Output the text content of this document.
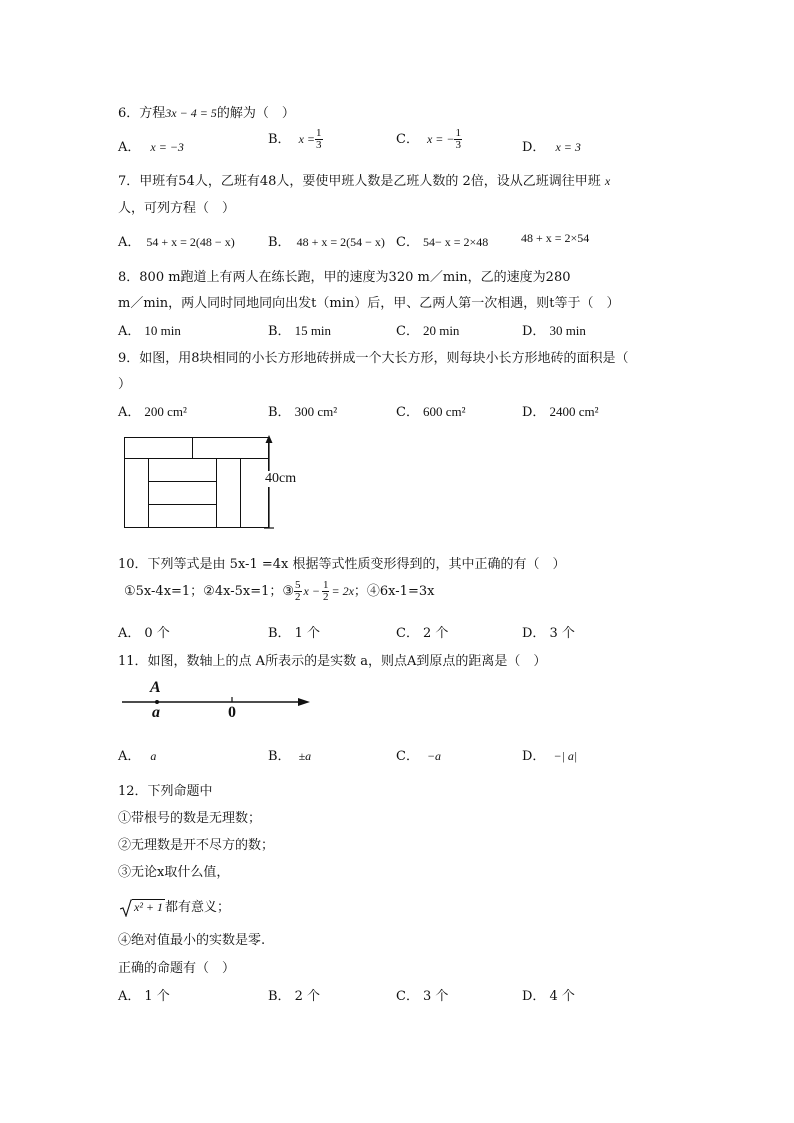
6．方程3x − 4 = 5的解为（　）
A． x = −3	B． $x = \frac{1}{3}$	C． x = − $\frac{1}{3}$	D． x = 3
7．甲班有54人，乙班有48人，要使甲班人数是乙班人数的 2倍，设从乙班调往甲班 x
人，可列方程（　）
A． 54 + x = 2(48 − x)	B． 48 + x = 2(54 − x) C． 54− x = 2×48	48 + x = 2×54
8．800 m跑道上有两人在练长跑，甲的速度为320 m／min，乙的速度为280
m／min，两人同时同地同向出发t（min）后，甲、乙两人第一次相遇，则t等于（　）
A． 10 min	B． 15 min	C． 20 min	D． 30 min
9．如图，用8块相同的小长方形地砖拼成一个大长方形，则每块小长方形地砖的面积是（
）
A． 200 cm²	B． 300 cm²	C． 600 cm²	D． 2400 cm²
40cm
10．下列等式是由 5x-1 =4x 根据等式性质变形得到的，其中正确的有（　）
①5x-4x=1；②4x-5x=1；③ $\frac{5}{2}$ $x - \frac{1}{2} = 2x$；④6x-1=3x
A． 0 个	B． 1 个	C． 2 个	D． 3 个
11．如图，数轴上的点 A所表示的是实数 a，则点A到原点的距离是（　）
A
a	0
A． a	B． ±a	C． −a	D． −| a|
12．下列命题中
①带根号的数是无理数；
②无理数是开不尽方的数；
③无论x取什么值，
x² + 1 都有意义；
④绝对值最小的实数是零.
正确的命题有（　）
A． 1 个	B． 2 个	C． 3 个	D． 4 个
